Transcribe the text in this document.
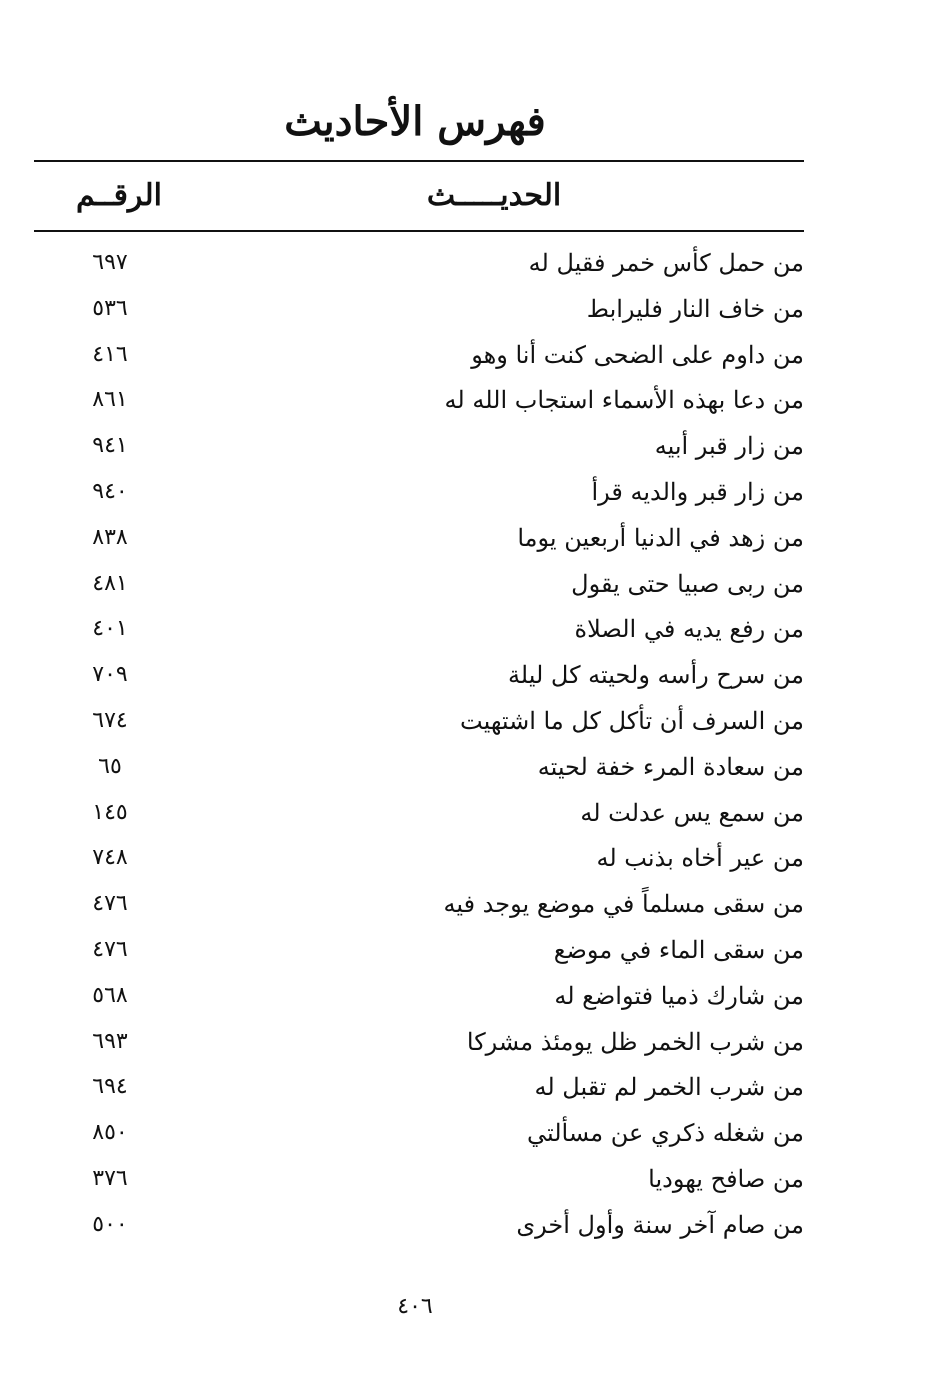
فهرس الأحاديث
الحديـــــث
الرقــم
من حمل كأس خمر فقيل له
٦٩٧
من خاف النار فليرابط
٥٣٦
من داوم على الضحى كنت أنا وهو
٤١٦
من دعا بهذه الأسماء استجاب الله له
٨٦١
من زار قبر أبيه
٩٤١
من زار قبر والديه قرأ
٩٤٠
من زهد في الدنيا أربعين يوما
٨٣٨
من ربى صبيا حتى يقول
٤٨١
من رفع يديه في الصلاة
٤٠١
من سرح رأسه ولحيته كل ليلة
٧٠٩
من السرف أن تأكل كل ما اشتهيت
٦٧٤
من سعادة المرء خفة لحيته
٦٥
من سمع يس عدلت له
١٤٥
من عير أخاه بذنب له
٧٤٨
من سقى مسلماً في موضع يوجد فيه
٤٧٦
من سقى الماء في موضع
٤٧٦
من شارك ذميا فتواضع له
٥٦٨
من شرب الخمر ظل يومئذ مشركا
٦٩٣
من شرب الخمر لم تقبل له
٦٩٤
من شغله ذكري عن مسألتي
٨٥٠
من صافح يهوديا
٣٧٦
من صام آخر سنة وأول أخرى
٥٠٠
٤٠٦
